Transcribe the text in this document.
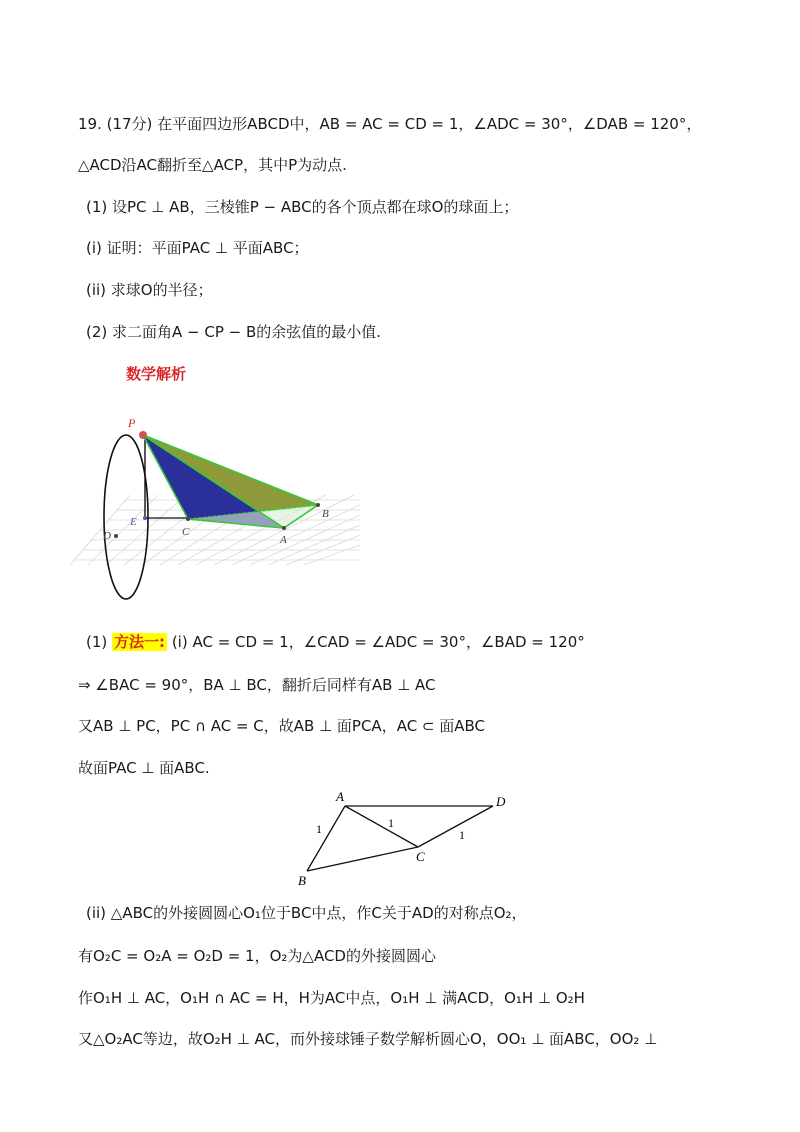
19. (17分) 在平面四边形ABCD中，AB = AC = CD = 1，∠ADC = 30°，∠DAB = 120°，
△ACD沿AC翻折至△ACP，其中P为动点.
(1) 设PC ⊥ AB，三棱锥P − ABC的各个顶点都在球O的球面上；
(i) 证明：平面PAC ⊥ 平面ABC；
(ii) 求球O的半径；
(2) 求二面角A − CP − B的余弦值的最小值.
数学解析
P
E
D	C
A
B
(1) 方法一: (i) AC = CD = 1，∠CAD = ∠ADC = 30°，∠BAD = 120°
⇒ ∠BAC = 90°，BA ⊥ BC，翻折后同样有AB ⊥ AC
又AB ⊥ PC，PC ∩ AC = C，故AB ⊥ 面PCA，AC ⊂ 面ABC
故面PAC ⊥ 面ABC.
A	D
B
C
1	1
1
(ii) △ABC的外接圆圆心O₁位于BC中点，作C关于AD的对称点O₂，
有O₂C = O₂A = O₂D = 1，O₂为△ACD的外接圆圆心
作O₁H ⊥ AC，O₁H ∩ AC = H，H为AC中点，O₁H ⊥ 满ACD，O₁H ⊥ O₂H
又△O₂AC等边，故O₂H ⊥ AC，而外接球锤子数学解析圆心O，OO₁ ⊥ 面ABC，OO₂ ⊥
